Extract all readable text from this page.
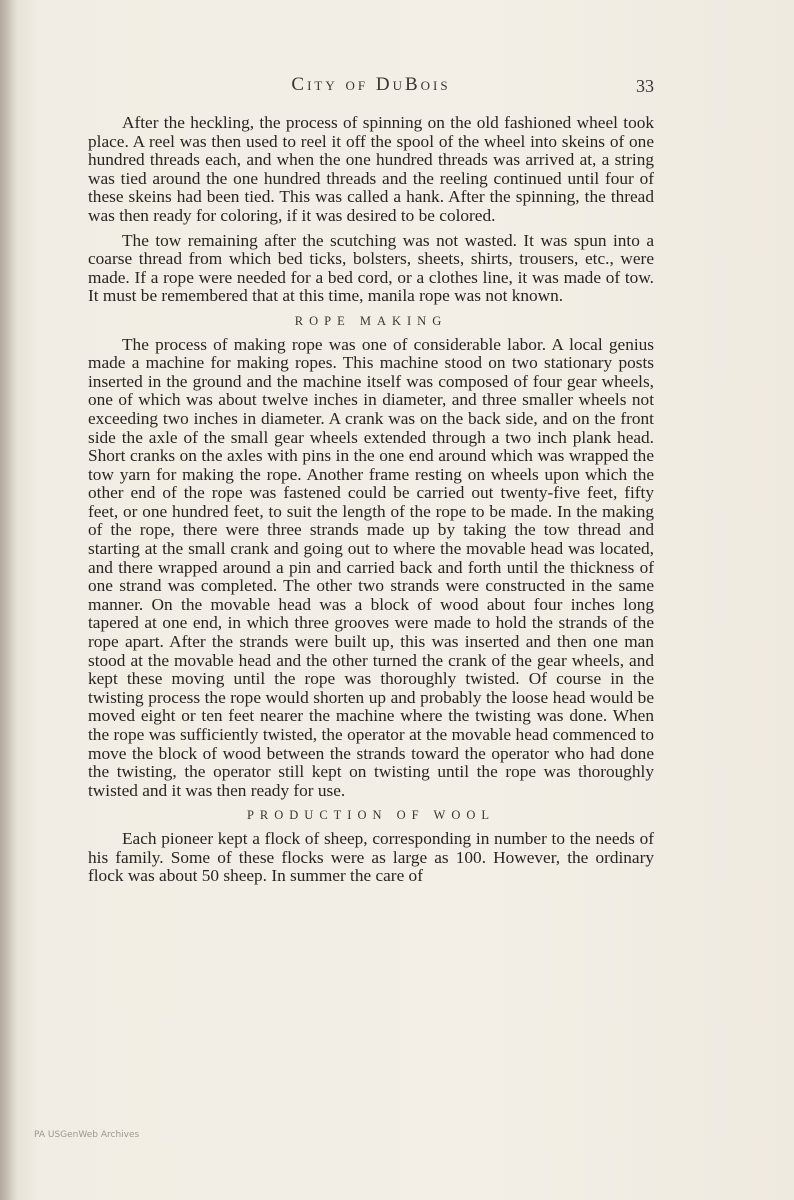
City of DuBois	33

After the heckling, the process of spinning on the old fashioned wheel took place. A reel was then used to reel it off the spool of the wheel into skeins of one hundred threads each, and when the one hundred threads was arrived at, a string was tied around the one hundred threads and the reeling continued until four of these skeins had been tied. This was called a hank. After the spinning, the thread was then ready for coloring, if it was desired to be colored.

The tow remaining after the scutching was not wasted. It was spun into a coarse thread from which bed ticks, bolsters, sheets, shirts, trousers, etc., were made. If a rope were needed for a bed cord, or a clothes line, it was made of tow. It must be remembered that at this time, manila rope was not known.

ROPE MAKING

The process of making rope was one of considerable labor. A local genius made a machine for making ropes. This machine stood on two stationary posts inserted in the ground and the machine itself was composed of four gear wheels, one of which was about twelve inches in diameter, and three smaller wheels not exceeding two inches in diameter. A crank was on the back side, and on the front side the axle of the small gear wheels extended through a two inch plank head. Short cranks on the axles with pins in the one end around which was wrapped the tow yarn for making the rope. Another frame resting on wheels upon which the other end of the rope was fastened could be carried out twenty-five feet, fifty feet, or one hundred feet, to suit the length of the rope to be made. In the making of the rope, there were three strands made up by taking the tow thread and starting at the small crank and going out to where the movable head was located, and there wrapped around a pin and carried back and forth until the thickness of one strand was completed. The other two strands were constructed in the same manner. On the movable head was a block of wood about four inches long tapered at one end, in which three grooves were made to hold the strands of the rope apart. After the strands were built up, this was inserted and then one man stood at the movable head and the other turned the crank of the gear wheels, and kept these moving until the rope was thoroughly twisted. Of course in the twisting process the rope would shorten up and probably the loose head would be moved eight or ten feet nearer the machine where the twisting was done. When the rope was sufficiently twisted, the operator at the movable head commenced to move the block of wood between the strands toward the operator who had done the twisting, the operator still kept on twisting until the rope was thoroughly twisted and it was then ready for use.

PRODUCTION OF WOOL

Each pioneer kept a flock of sheep, corresponding in number to the needs of his family. Some of these flocks were as large as 100. However, the ordinary flock was about 50 sheep. In summer the care of

PA USGenWeb Archives
